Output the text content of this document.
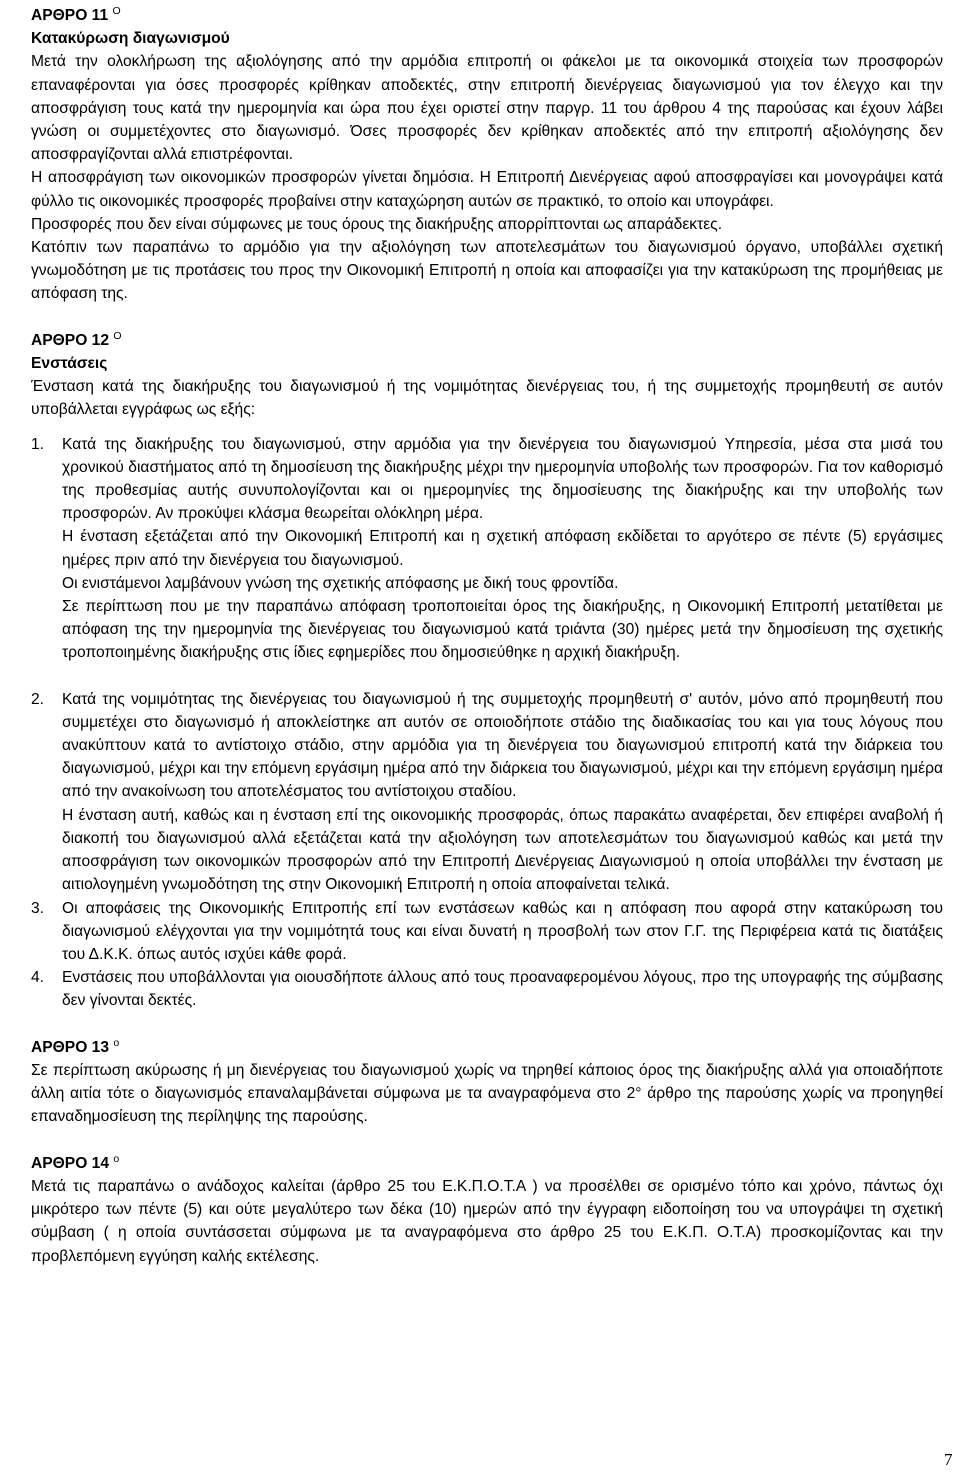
ΑΡΘΡΟ 11 $^O$
Κατακύρωση διαγωνισμού

Μετά την ολοκλήρωση της αξιολόγησης από την αρμόδια επιτροπή οι φάκελοι με τα οικονομικά στοιχεία των προσφορών επαναφέρονται για όσες προσφορές κρίθηκαν αποδεκτές, στην επιτροπή διενέργειας διαγωνισμού για τον έλεγχο και την αποσφράγιση τους κατά την ημερομηνία και ώρα που έχει οριστεί στην παργρ. 11 του άρθρου 4 της παρούσας και έχουν λάβει γνώση οι συμμετέχοντες στο διαγωνισμό. Όσες προσφορές δεν κρίθηκαν αποδεκτές από την επιτροπή αξιολόγησης δεν αποσφραγίζονται αλλά επιστρέφονται.

Η αποσφράγιση των οικονομικών προσφορών γίνεται δημόσια. Η Επιτροπή Διενέργειας αφού αποσφραγίσει και μονογράψει κατά φύλλο τις οικονομικές προσφορές προβαίνει στην καταχώρηση αυτών σε πρακτικό, το οποίο και υπογράφει.

Προσφορές που δεν είναι σύμφωνες με τους όρους της διακήρυξης απορρίπτονται ως απαράδεκτες.

Κατόπιν των παραπάνω το αρμόδιο για την αξιολόγηση των αποτελεσμάτων του διαγωνισμού όργανο, υποβάλλει σχετική γνωμοδότηση με τις προτάσεις του προς την Οικονομική Επιτροπή η οποία και αποφασίζει για την κατακύρωση της προμήθειας με απόφαση της.

ΑΡΘΡΟ 12 $^O$
Ενστάσεις

Ένσταση κατά της διακήρυξης του διαγωνισμού ή της νομιμότητας διενέργειας του, ή της συμμετοχής προμηθευτή σε αυτόν υποβάλλεται εγγράφως ως εξής:

1. Κατά της διακήρυξης του διαγωνισμού, στην αρμόδια για την διενέργεια του διαγωνισμού Υπηρεσία, μέσα στα μισά του χρονικού διαστήματος από τη δημοσίευση της διακήρυξης μέχρι την ημερομηνία υποβολής των προσφορών. Για τον καθορισμό της προθεσμίας αυτής συνυπολογίζονται και οι ημερομηνίες της δημοσίευσης της διακήρυξης και την υποβολής των προσφορών. Αν προκύψει κλάσμα θεωρείται ολόκληρη μέρα.

Η ένσταση εξετάζεται από την Οικονομική Επιτροπή και η σχετική απόφαση εκδίδεται το αργότερο σε πέντε (5) εργάσιμες ημέρες πριν από την διενέργεια του διαγωνισμού.

Οι ενιστάμενοι λαμβάνουν γνώση της σχετικής απόφασης με δική τους φροντίδα.

Σε περίπτωση που με την παραπάνω απόφαση τροποποιείται όρος της διακήρυξης, η Οικονομική Επιτροπή μετατίθεται με απόφαση της την ημερομηνία της διενέργειας του διαγωνισμού κατά τριάντα (30) ημέρες μετά την δημοσίευση της σχετικής τροποποιημένης διακήρυξης στις ίδιες εφημερίδες που δημοσιεύθηκε η αρχική διακήρυξη.

2. Κατά της νομιμότητας της διενέργειας του διαγωνισμού ή της συμμετοχής προμηθευτή σ' αυτόν, μόνο από προμηθευτή που συμμετέχει στο διαγωνισμό ή αποκλείστηκε απ αυτόν σε οποιοδήποτε στάδιο της διαδικασίας του και για τους λόγους που ανακύπτουν κατά το αντίστοιχο στάδιο, στην αρμόδια για τη διενέργεια του διαγωνισμού επιτροπή κατά την διάρκεια του διαγωνισμού, μέχρι και την επόμενη εργάσιμη ημέρα από την διάρκεια του διαγωνισμού, μέχρι και την επόμενη εργάσιμη ημέρα από την ανακοίνωση του αποτελέσματος του αντίστοιχου σταδίου.

Η ένσταση αυτή, καθώς και η ένσταση επί της οικονομικής προσφοράς, όπως παρακάτω αναφέρεται, δεν επιφέρει αναβολή ή διακοπή του διαγωνισμού αλλά εξετάζεται κατά την αξιολόγηση των αποτελεσμάτων του διαγωνισμού καθώς και μετά την αποσφράγιση των οικονομικών προσφορών από την Επιτροπή Διενέργειας Διαγωνισμού η οποία υποβάλλει την ένσταση με αιτιολογημένη γνωμοδότηση της στην Οικονομική Επιτροπή η οποία αποφαίνεται τελικά.

3. Οι αποφάσεις της Οικονομικής Επιτροπής επί των ενστάσεων καθώς και η απόφαση που αφορά στην κατακύρωση του διαγωνισμού ελέγχονται για την νομιμότητά τους και είναι δυνατή η προσβολή των στον Γ.Γ. της Περιφέρεια κατά τις διατάξεις του Δ.Κ.Κ. όπως αυτός ισχύει κάθε φορά.

4. Ενστάσεις που υποβάλλονται για οιουσδήποτε άλλους από τους προαναφερομένου λόγους, προ της υπογραφής της σύμβασης δεν γίνονται δεκτές.

ΑΡΘΡΟ 13 $^o$

Σε περίπτωση ακύρωσης ή μη διενέργειας του διαγωνισμού χωρίς να τηρηθεί κάποιος όρος της διακήρυξης αλλά για οποιαδήποτε άλλη αιτία τότε ο διαγωνισμός επαναλαμβάνεται σύμφωνα με τα αναγραφόμενα στο 2° άρθρο της παρούσης χωρίς να προηγηθεί επαναδημοσίευση της περίληψης της παρούσης.

ΑΡΘΡΟ 14 $^o$

Μετά τις παραπάνω ο ανάδοχος καλείται (άρθρο 25 του Ε.Κ.Π.Ο.Τ.Α ) να προσέλθει σε ορισμένο τόπο και χρόνο, πάντως όχι μικρότερο των πέντε (5) και ούτε μεγαλύτερο των δέκα (10) ημερών από την έγγραφη ειδοποίηση του να υπογράψει τη σχετική σύμβαση ( η οποία συντάσσεται σύμφωνα με τα αναγραφόμενα στο άρθρο 25 του Ε.Κ.Π. Ο.Τ.Α) προσκομίζοντας και την προβλεπόμενη εγγύηση καλής εκτέλεσης.

7
